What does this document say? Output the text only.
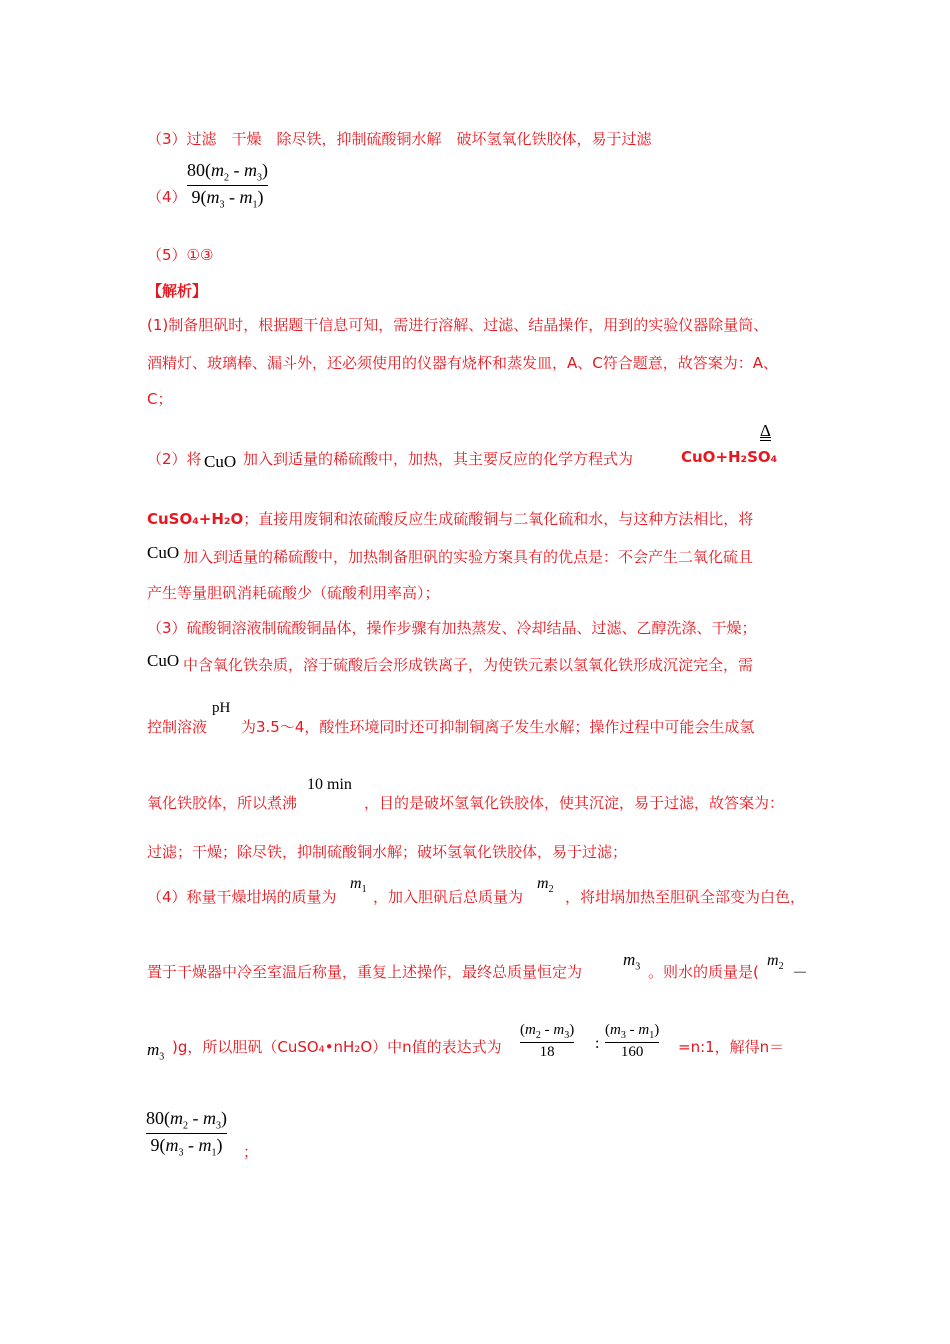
（3）过滤　干燥　除尽铁，抑制硫酸铜水解　破坏氢氧化铁胶体，易于过滤
（4）
$80(m_2 - m_3)$
$9(m_3 - m_1)$
（5）①③
【解析】
(1)制备胆矾时，根据题干信息可知，需进行溶解、过滤、结晶操作，用到的实验仪器除量筒、
酒精灯、玻璃棒、漏斗外，还必须使用的仪器有烧杯和蒸发皿，A、C符合题意，故答案为：A、
C；
（2）将 CuO 加入到适量的稀硫酸中，加热，其主要反应的化学方程式为	CuO+H₂SO₄
Δ
CuSO₄+H₂O；直接用废铜和浓硫酸反应生成硫酸铜与二氧化硫和水，与这种方法相比，将
CuO 加入到适量的稀硫酸中，加热制备胆矾的实验方案具有的优点是：不会产生二氧化硫且
产生等量胆矾消耗硫酸少（硫酸利用率高）；
（3）硫酸铜溶液制硫酸铜晶体，操作步骤有加热蒸发、冷却结晶、过滤、乙醇洗涤、干燥；
CuO 中含氧化铁杂质，溶于硫酸后会形成铁离子，为使铁元素以氢氧化铁形成沉淀完全，需
控制溶液
pH
为3.5～4，酸性环境同时还可抑制铜离子发生水解；操作过程中可能会生成氢
氧化铁胶体，所以煮沸
10 min
，目的是破坏氢氧化铁胶体，使其沉淀，易于过滤，故答案为：
过滤；干燥；除尽铁，抑制硫酸铜水解；破坏氢氧化铁胶体，易于过滤；
（4）称量干燥坩埚的质量为
$m_1$ ，加入胆矾后总质量为
$m_2$ ，将坩埚加热至胆矾全部变为白色，
置于干燥器中冷至室温后称量，重复上述操作，最终总质量恒定为
$m_3$ 。则水的质量是(
$m_2$ －
$m_3$
)g，所以胆矾（CuSO₄•nH₂O）中n值的表达式为
$(m_2 - m_3)$
18	:
$(m_3 - m_1)$
160	=n:1，解得n＝
$80(m_2 - m_3)$
$9(m_3 - m_1)$	；
